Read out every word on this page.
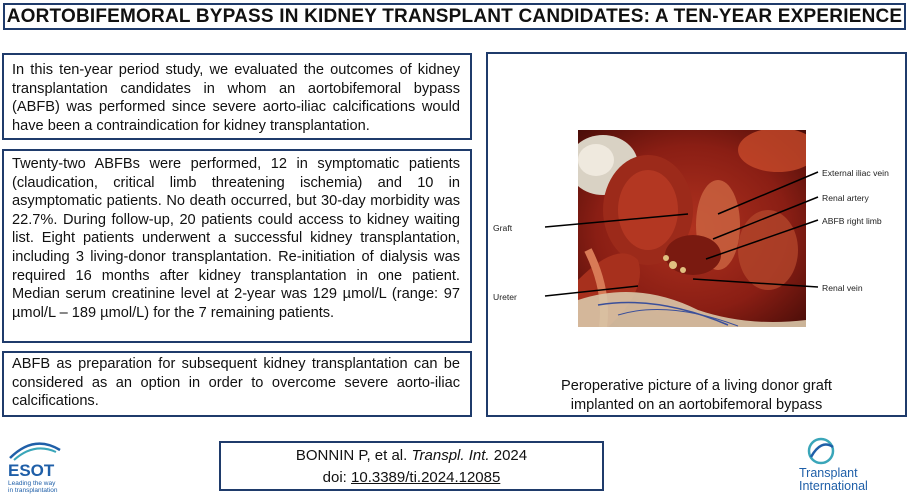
AORTOBIFEMORAL BYPASS IN KIDNEY TRANSPLANT CANDIDATES: A TEN-YEAR EXPERIENCE
In this ten-year period study, we evaluated the outcomes of kidney transplantation candidates in whom an aortobifemoral bypass (ABFB) was performed since severe aorto-iliac calcifications would have been a contraindication for kidney transplantation.
Twenty-two ABFBs were performed, 12 in symptomatic patients (claudication, critical limb threatening ischemia) and 10 in asymptomatic patients. No death occurred, but 30-day morbidity was 22.7%. During follow-up, 20 patients could access to kidney waiting list. Eight patients underwent a successful kidney transplantation, including 3 living-donor transplantation. Re-initiation of dialysis was required 16 months after kidney transplantation in one patient. Median serum creatinine level at 2-year was 129 µmol/L (range: 97 µmol/L – 189 µmol/L) for the 7 remaining patients.
ABFB as preparation for subsequent kidney transplantation can be considered as an option in order to overcome severe aorto-iliac calcifications.
External iliac vein
Renal artery
ABFB right limb
Graft
Renal vein
Ureter
Peroperative picture of a living donor graft
implanted on an aortobifemoral bypass
BONNIN P, et al. Transpl. Int. 2024
doi: 10.3389/ti.2024.12085
ESOT
Leading the way
in transplantation
Transplant
International
